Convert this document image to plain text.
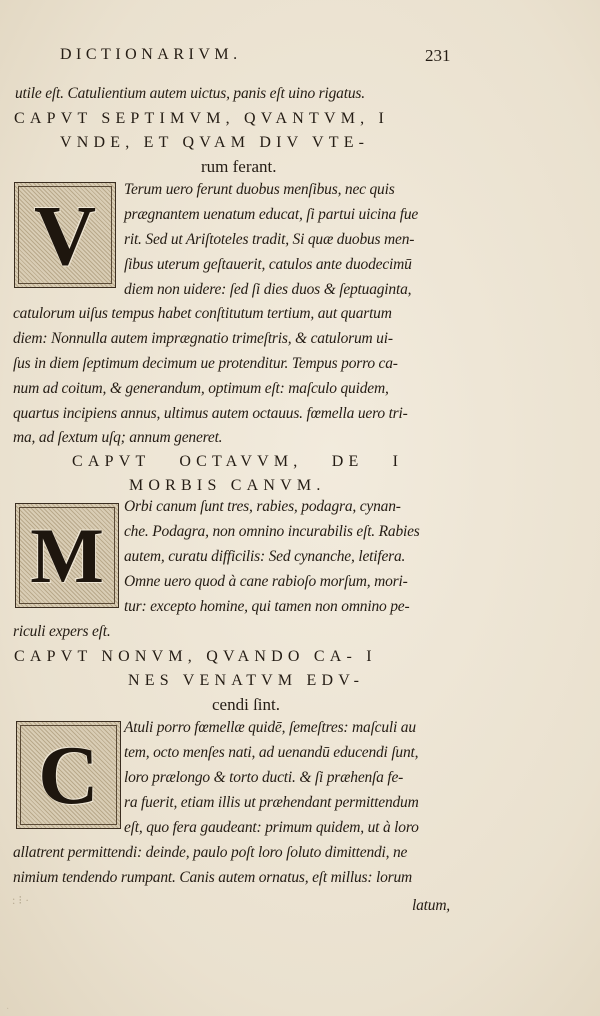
DICTIONARIVM.	231
utile eſt. Catulientium autem uictus, panis eſt uino rigatus.
CAPVT SEPTIMVM, QVANTVM, I
VNDE, ET QVAM DIV VTE-
rum ferant.
V Terum uero ferunt duobus menſibus, nec quis
prægnantem uenatum educat, ſi partui uicina fue
rit. Sed ut Ariſtoteles tradit, Si quæ duobus men-
ſibus uterum geſtauerit, catulos ante duodecimū
diem non uidere: ſed ſi dies duos & ſeptuaginta,
catulorum uiſus tempus habet conſtitutum tertium, aut quartum
diem: Nonnulla autem imprægnatio trimeſtris, & catulorum ui-
ſus in diem ſeptimum decimum ue protenditur. Tempus porro ca-
num ad coitum, & generandum, optimum eſt: maſculo quidem,
quartus incipiens annus, ultimus autem octauus. fœmella uero tri-
ma, ad ſextum uſq; annum generet.
CAPVT OCTAVVM, DE I
MORBIS CANVM.
M
Orbi canum ſunt tres, rabies, podagra, cynan-
che. Podagra, non omnino incurabilis eſt. Rabies
autem, curatu difficilis: Sed cynanche, letifera.
Omne uero quod à cane rabioſo morſum, mori-
tur: excepto homine, qui tamen non omnino pe-
riculi expers eſt.
CAPVT NONVM, QVANDO CA- I
NES VENATVM EDV-
cendi ſint.
C
Atuli porro fœmellæ quidē, ſemeſtres: maſculi au
tem, octo menſes nati, ad uenandū educendi ſunt,
loro prælongo & torto ducti. & ſi præhenſa fe-
ra fuerit, etiam illis ut præhendant permittendum
eſt, quo fera gaudeant: primum quidem, ut à loro
allatrent permittendi: deinde, paulo poſt loro ſoluto dimittendi, ne
nimium tendendo rumpant. Canis autem ornatus, eſt millus: lorum
latum,
: ⁝ ·
·
